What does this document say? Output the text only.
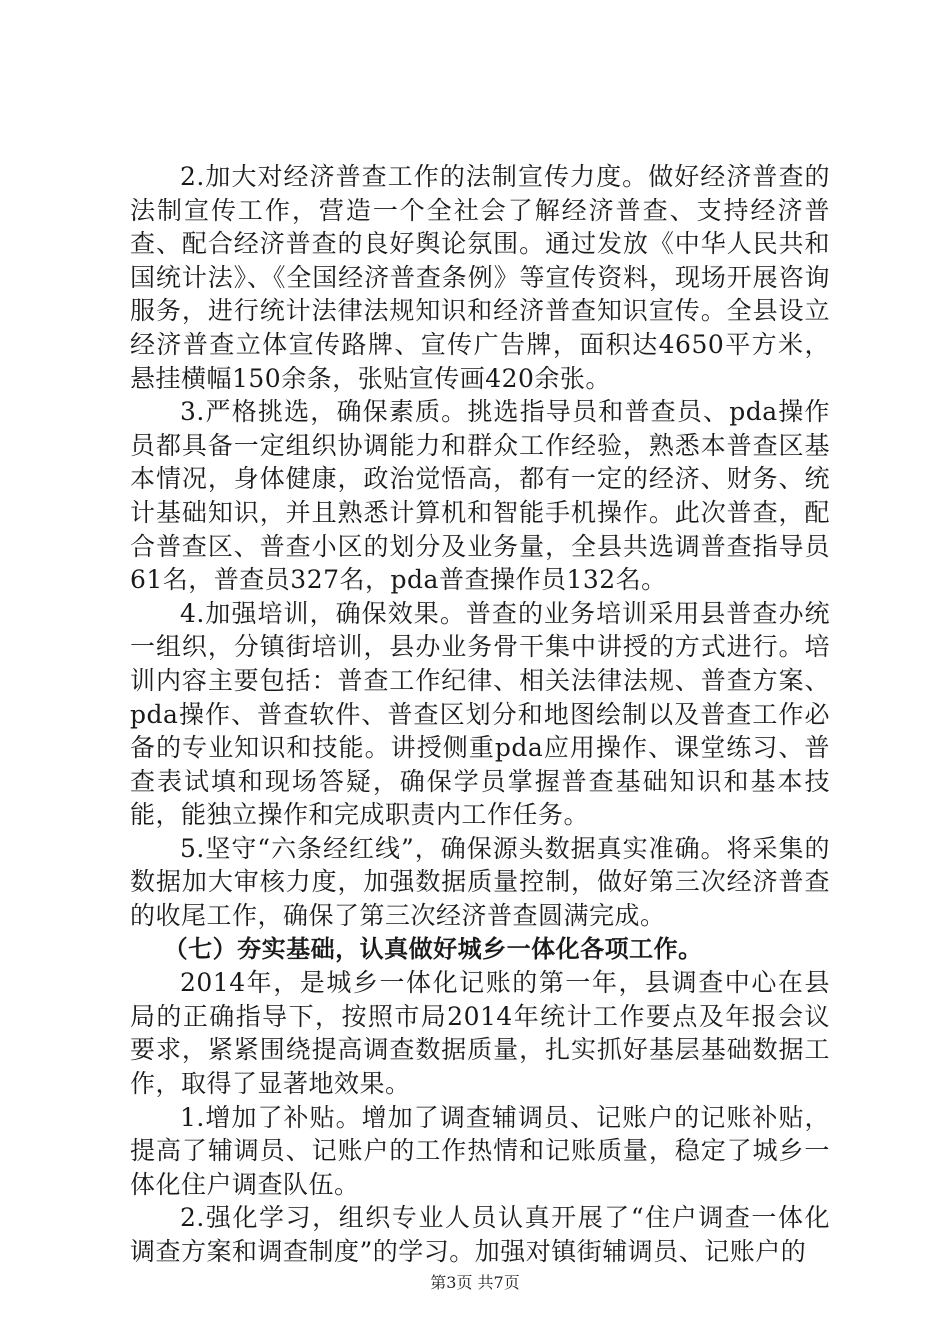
2.加大对经济普查工作的法制宣传力度。做好经济普查的法制宣传工作，营造一个全社会了解经济普查、支持经济普查、配合经济普查的良好舆论氛围。通过发放《中华人民共和国统计法》、《全国经济普查条例》等宣传资料，现场开展咨询服务，进行统计法律法规知识和经济普查知识宣传。全县设立经济普查立体宣传路牌、宣传广告牌，面积达4650平方米，悬挂横幅150余条，张贴宣传画420余张。

3.严格挑选，确保素质。挑选指导员和普查员、pda操作员都具备一定组织协调能力和群众工作经验，熟悉本普查区基本情况，身体健康，政治觉悟高，都有一定的经济、财务、统计基础知识，并且熟悉计算机和智能手机操作。此次普查，配合普查区、普查小区的划分及业务量，全县共选调普查指导员61名，普查员327名，pda普查操作员132名。

4.加强培训，确保效果。普查的业务培训采用县普查办统一组织，分镇街培训，县办业务骨干集中讲授的方式进行。培训内容主要包括：普查工作纪律、相关法律法规、普查方案、pda操作、普查软件、普查区划分和地图绘制以及普查工作必备的专业知识和技能。讲授侧重pda应用操作、课堂练习、普查表试填和现场答疑，确保学员掌握普查基础知识和基本技能，能独立操作和完成职责内工作任务。

5.坚守“六条经红线”，确保源头数据真实准确。将采集的数据加大审核力度，加强数据质量控制，做好第三次经济普查的收尾工作，确保了第三次经济普查圆满完成。

（七）夯实基础，认真做好城乡一体化各项工作。

2014年，是城乡一体化记账的第一年，县调查中心在县局的正确指导下，按照市局2014年统计工作要点及年报会议要求，紧紧围绕提高调查数据质量，扎实抓好基层基础数据工作，取得了显著地效果。

1.增加了补贴。增加了调查辅调员、记账户的记账补贴，提高了辅调员、记账户的工作热情和记账质量，稳定了城乡一体化住户调查队伍。

2.强化学习，组织专业人员认真开展了“住户调查一体化调查方案和调查制度”的学习。加强对镇街辅调员、记账户的

第3页 共7页
